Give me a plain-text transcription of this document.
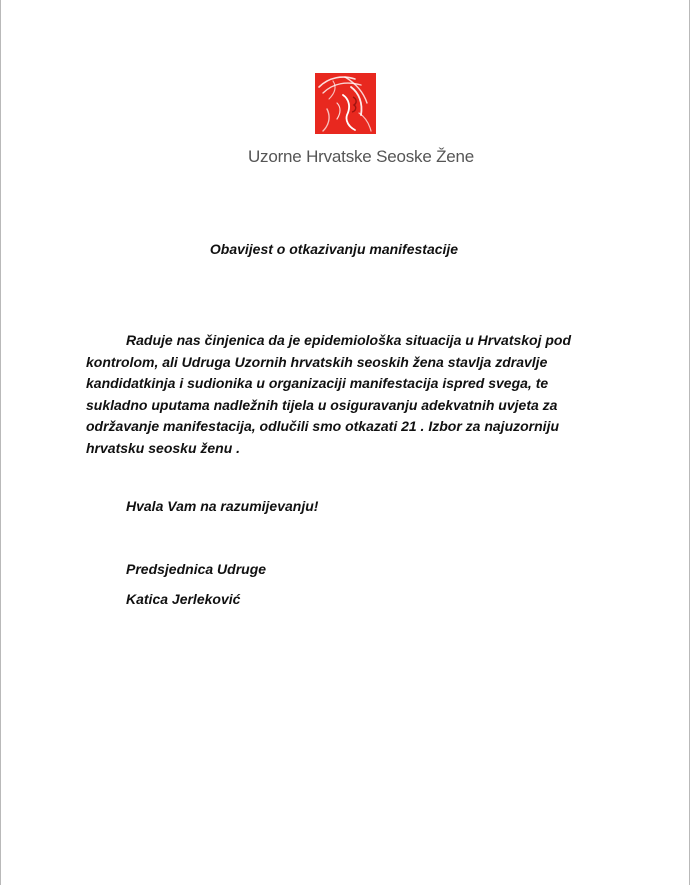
Uzorne Hrvatske Seoske Žene
Obavijest o otkazivanju manifestacije
Raduje nas činjenica da je epidemiološka situacija u Hrvatskoj pod
kontrolom, ali Udruga Uzornih hrvatskih seoskih žena stavlja zdravlje
kandidatkinja i sudionika u organizaciji manifestacija ispred svega, te
sukladno uputama nadležnih tijela u osiguravanju adekvatnih uvjeta za
održavanje manifestacija, odlučili smo otkazati 21 . Izbor za najuzorniju
hrvatsku seosku ženu .
Hvala Vam na razumijevanju!
Predsjednica Udruge
Katica Jerleković
